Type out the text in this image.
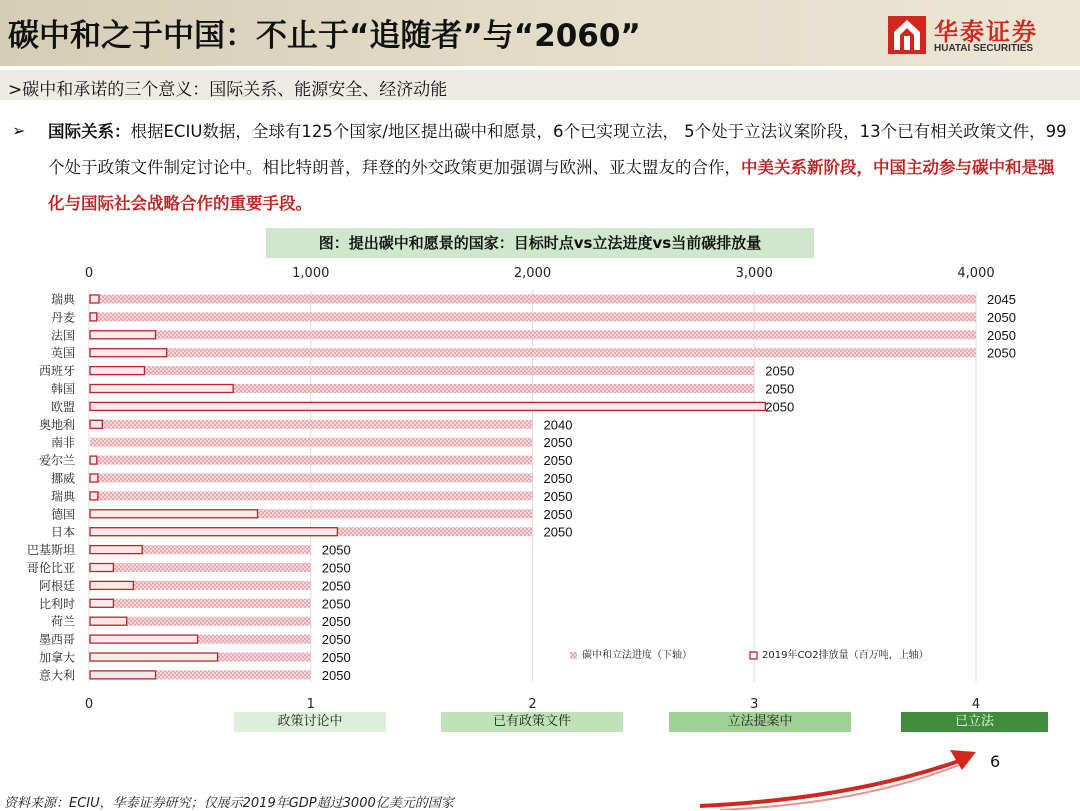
碳中和之于中国：不止于“追随者”与“2060”	华泰证券
HUATAI SECURITIES
>碳中和承诺的三个意义：国际关系、能源安全、经济动能
➢ 国际关系：根据ECIU数据，全球有125个国家/地区提出碳中和愿景，6个已实现立法， 5个处于立法议案阶段，13个已有相关政策文件，99个处于政策文件制定讨论中。相比特朗普，拜登的外交政策更加强调与欧洲、亚太盟友的合作，中美关系新阶段，中国主动参与碳中和是强化与国际社会战略合作的重要手段。
图：提出碳中和愿景的国家：目标时点vs立法进度vs当前碳排放量
瑞典	2045
丹麦	2050
法国	2050
英国	2050
西班牙	2050
韩国	2050
欧盟	2050
奥地利	2040
南非	2050
爱尔兰	2050
挪威	2050
瑞典	2050
德国	2050
日本	2050
巴基斯坦	2050
哥伦比亚	2050
阿根廷	2050
比利时	2050
荷兰	2050
墨西哥	2050
加拿大	2050
意大利	2050
0	1,000	2,000	3,000	4,000
0	1	2	3	4
碳中和立法进度（下轴）	2019年CO2排放量（百万吨，上轴）
政策讨论中	已有政策文件	立法提案中	已立法
6
资料来源：ECIU，华泰证券研究；仅展示2019年GDP超过3000亿美元的国家
